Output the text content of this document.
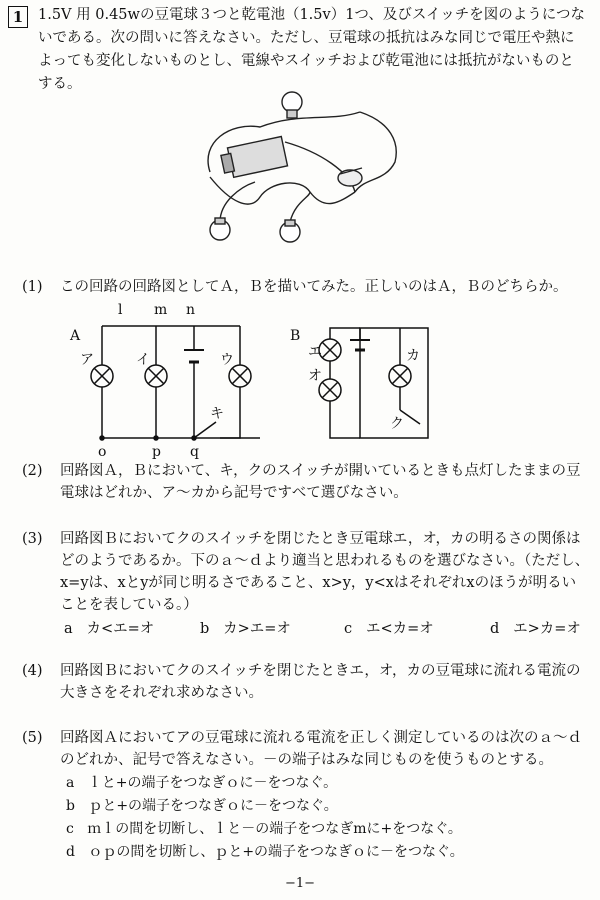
1	1.5V 用 0.45wの豆電球３つと乾電池（1.5v）1つ、及びスイッチを図のようにつないである。次の問いに答えなさい。ただし、豆電球の抵抗はみな同じで電圧や熱によっても変化しないものとし、電線やスイッチおよび乾電池には抵抗がないものとする。
(1) この回路の回路図としてＡ，Ｂを描いてみた。正しいのはＡ，Ｂのどちらか。
A	B
l m n
o	p q
ア	イ	ウ
キ
エ
オ
カ
ク
(2) 回路図Ａ，Ｂにおいて、キ，クのスイッチが開いているときも点灯したままの豆電球はどれか、ア〜カから記号ですべて選びなさい。
(3) 回路図Ｂにおいてクのスイッチを閉じたとき豆電球エ，オ，カの明るさの関係はどのようであるか。下のａ〜ｄより適当と思われるものを選びなさい。（ただし、x=yは、xとyが同じ明るさであること、x>y，y<xはそれぞれxのほうが明るいことを表している。）
a カ<エ=オ	b カ>エ=オ	c エ<カ=オ	d エ>カ=オ
(4) 回路図Ｂにおいてクのスイッチを閉じたときエ，オ，カの豆電球に流れる電流の大きさをそれぞれ求めなさい。
(5) 回路図Ａにおいてアの豆電球に流れる電流を正しく測定しているのは次のａ〜ｄのどれか、記号で答えなさい。－の端子はみな同じものを使うものとする。
a ｌと+の端子をつなぎｏに－をつなぐ。
b ｐと+の端子をつなぎｏに－をつなぐ。
c ｍｌの間を切断し、ｌと－の端子をつなぎmに+をつなぐ。
d ｏｐの間を切断し、ｐと+の端子をつなぎｏに－をつなぐ。
−1−
